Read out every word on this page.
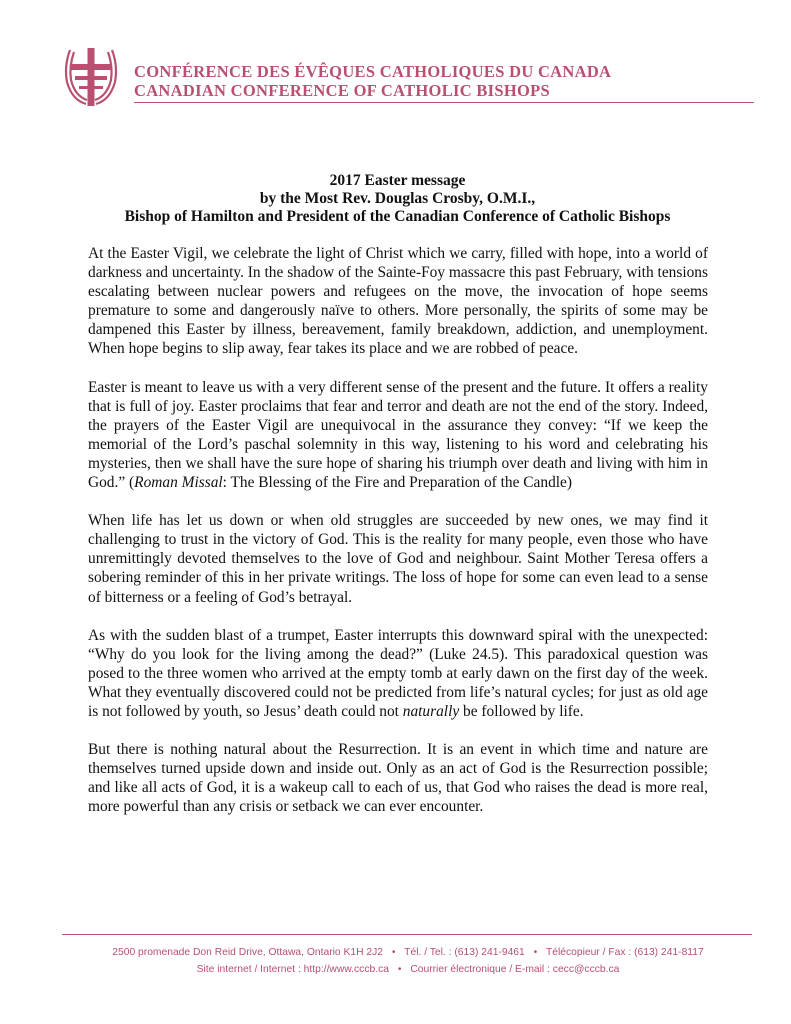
CONFÉRENCE DES ÉVÊQUES CATHOLIQUES DU CANADA
CANADIAN CONFERENCE OF CATHOLIC BISHOPS
2017 Easter message
by the Most Rev. Douglas Crosby, O.M.I.,
Bishop of Hamilton and President of the Canadian Conference of Catholic Bishops

At the Easter Vigil, we celebrate the light of Christ which we carry, filled with hope, into a world of darkness and uncertainty. In the shadow of the Sainte-Foy massacre this past February, with tensions escalating between nuclear powers and refugees on the move, the invocation of hope seems premature to some and dangerously naïve to others. More personally, the spirits of some may be dampened this Easter by illness, bereavement, family breakdown, addiction, and unemployment. When hope begins to slip away, fear takes its place and we are robbed of peace.

Easter is meant to leave us with a very different sense of the present and the future. It offers a reality that is full of joy. Easter proclaims that fear and terror and death are not the end of the story. Indeed, the prayers of the Easter Vigil are unequivocal in the assurance they convey: “If we keep the memorial of the Lord’s paschal solemnity in this way, listening to his word and celebrating his mysteries, then we shall have the sure hope of sharing his triumph over death and living with him in God.” (Roman Missal: The Blessing of the Fire and Preparation of the Candle)

When life has let us down or when old struggles are succeeded by new ones, we may find it challenging to trust in the victory of God. This is the reality for many people, even those who have unremittingly devoted themselves to the love of God and neighbour. Saint Mother Teresa offers a sobering reminder of this in her private writings. The loss of hope for some can even lead to a sense of bitterness or a feeling of God’s betrayal.

As with the sudden blast of a trumpet, Easter interrupts this downward spiral with the unexpected: “Why do you look for the living among the dead?” (Luke 24.5). This paradoxical question was posed to the three women who arrived at the empty tomb at early dawn on the first day of the week. What they eventually discovered could not be predicted from life’s natural cycles; for just as old age is not followed by youth, so Jesus’ death could not naturally be followed by life.

But there is nothing natural about the Resurrection. It is an event in which time and nature are themselves turned upside down and inside out. Only as an act of God is the Resurrection possible; and like all acts of God, it is a wakeup call to each of us, that God who raises the dead is more real, more powerful than any crisis or setback we can ever encounter.

2500 promenade Don Reid Drive, Ottawa, Ontario K1H 2J2 • Tél. / Tel. : (613) 241-9461 • Télécopieur / Fax : (613) 241-8117
Site internet / Internet : http://www.cccb.ca • Courrier électronique / E-mail : cecc@cccb.ca
